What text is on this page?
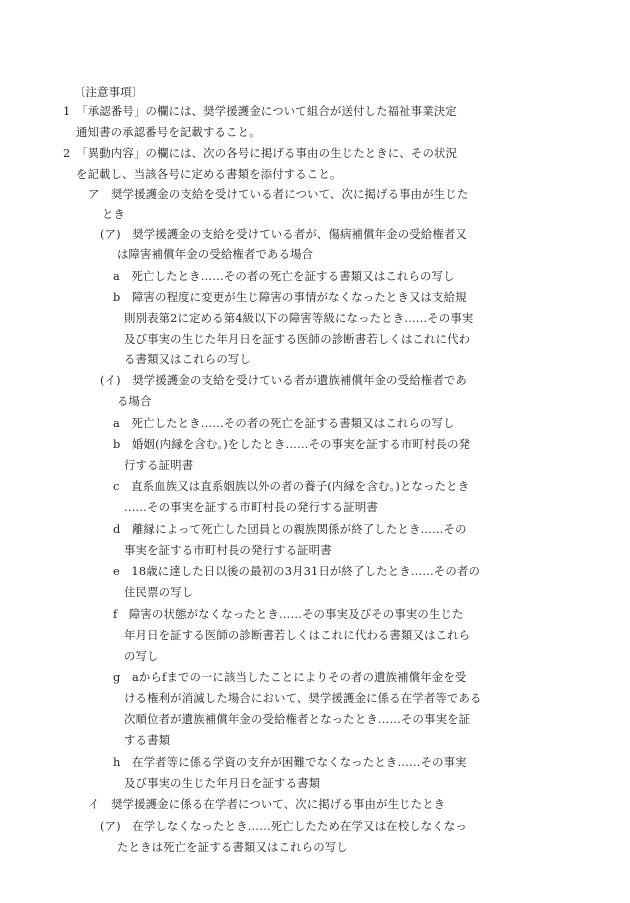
〔注意事項〕

1　「承認番号」の欄には、奨学援護金について組合が送付した福祉事業決定

通知書の承認番号を記載すること。

2　「異動内容」の欄には、次の各号に掲げる事由の生じたときに、その状況

を記載し、当該各号に定める書類を添付すること。

ア　奨学援護金の支給を受けている者について、次に掲げる事由が生じた

とき

(ア)　奨学援護金の支給を受けている者が、傷病補償年金の受給権者又

は障害補償年金の受給権者である場合

a　死亡したとき……その者の死亡を証する書類又はこれらの写し

b　障害の程度に変更が生じ障害の事情がなくなったとき又は支給規

則別表第2に定める第4級以下の障害等級になったとき……その事実

及び事実の生じた年月日を証する医師の診断書若しくはこれに代わ

る書類又はこれらの写し

(イ)　奨学援護金の支給を受けている者が遺族補償年金の受給権者であ

る場合

a　死亡したとき……その者の死亡を証する書類又はこれらの写し

b　婚姻(内縁を含む。)をしたとき……その事実を証する市町村長の発

行する証明書

c　直系血族又は直系姻族以外の者の養子(内縁を含む。)となったとき

……その事実を証する市町村長の発行する証明書

d　離縁によって死亡した団員との親族関係が終了したとき……その

事実を証する市町村長の発行する証明書

e　18歳に達した日以後の最初の3月31日が終了したとき……その者の

住民票の写し

f　障害の状態がなくなったとき……その事実及びその事実の生じた

年月日を証する医師の診断書若しくはこれに代わる書類又はこれら

の写し

g　aからfまでの一に該当したことによりその者の遺族補償年金を受

ける権利が消滅した場合において、奨学援護金に係る在学者等である

次順位者が遺族補償年金の受給権者となったとき……その事実を証

する書類

h　在学者等に係る学資の支弁が困難でなくなったとき……その事実

及び事実の生じた年月日を証する書類

イ　奨学援護金に係る在学者について、次に掲げる事由が生じたとき

(ア)　在学しなくなったとき……死亡したため在学又は在校しなくなっ

たときは死亡を証する書類又はこれらの写し
